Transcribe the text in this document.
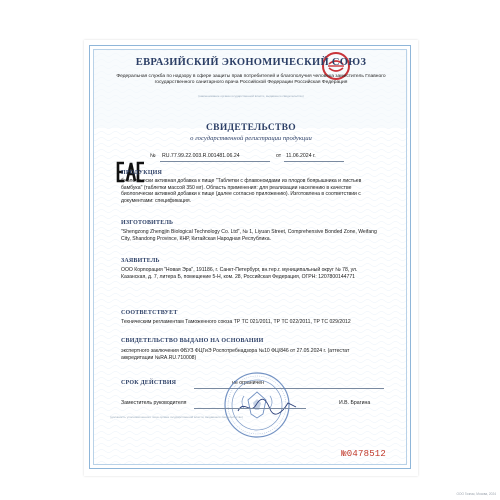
ЕВРАЗИЙСКИЙ ЭКОНОМИЧЕСКИЙ СОЮЗ
Федеральная служба по надзору в сфере защиты прав потребителей и благополучия человека заместитель Главного государственного санитарного врача Российской Федерации Российская Федерация
(наименование органа государственной власти, выдавшего свидетельство)
СВИДЕТЕЛЬСТВО
о государственной регистрации продукции
№ RU.77.99.22.003.R.001481.06.24	от 11.06.2024 г.
ПРОДУКЦИЯ
биологически активная добавка к пище "Таблетки с флавоноидами из плодов боярышника и листьев бамбука" (таблетки массой 350 мг). Область применения: для реализации населению в качестве биологически активной добавки к пище (далее согласно приложению). Изготовлена в соответствии с документами: спецификация.
ИЗГОТОВИТЕЛЬ
"Shengzong Zhengjin Biological Technology Co. Ltd", № 1, Liyuan Street, Comprehensive Bonded Zone, Weifang City, Shandong Province, КНР, Китайская Народная Республика.
ЗАЯВИТЕЛЬ
ООО Корпорация "Новая Эра", 191186, г. Санкт-Петербург, вн.тер.г. муниципальный округ № 78, ул. Казанская, д. 7, литера Б, помещение 5-Н, ком. 28, Российская Федерация, ОГРН: 1207800144771
СООТВЕТСТВУЕТ
Техническим регламентам Таможенного союза ТР ТС 021/2011, ТР ТС 022/2011, ТР ТС 029/2012
СВИДЕТЕЛЬСТВО ВЫДАНО НА ОСНОВАНИИ
экспертного заключения ФБУЗ ФЦГиЭ Роспотребнадзора №10 ФЦ/846 от 27.05.2024 г. (аттестат аккредитации №RA.RU.710008)
СРОК ДЕЙСТВИЯ	не ограничен
Заместитель руководителя	И.В. Брагина
(должность уполномоченного лица органа государственной власти, выдавшего свидетельство)
№0478512
ООО Гознак, Москва, 2024
